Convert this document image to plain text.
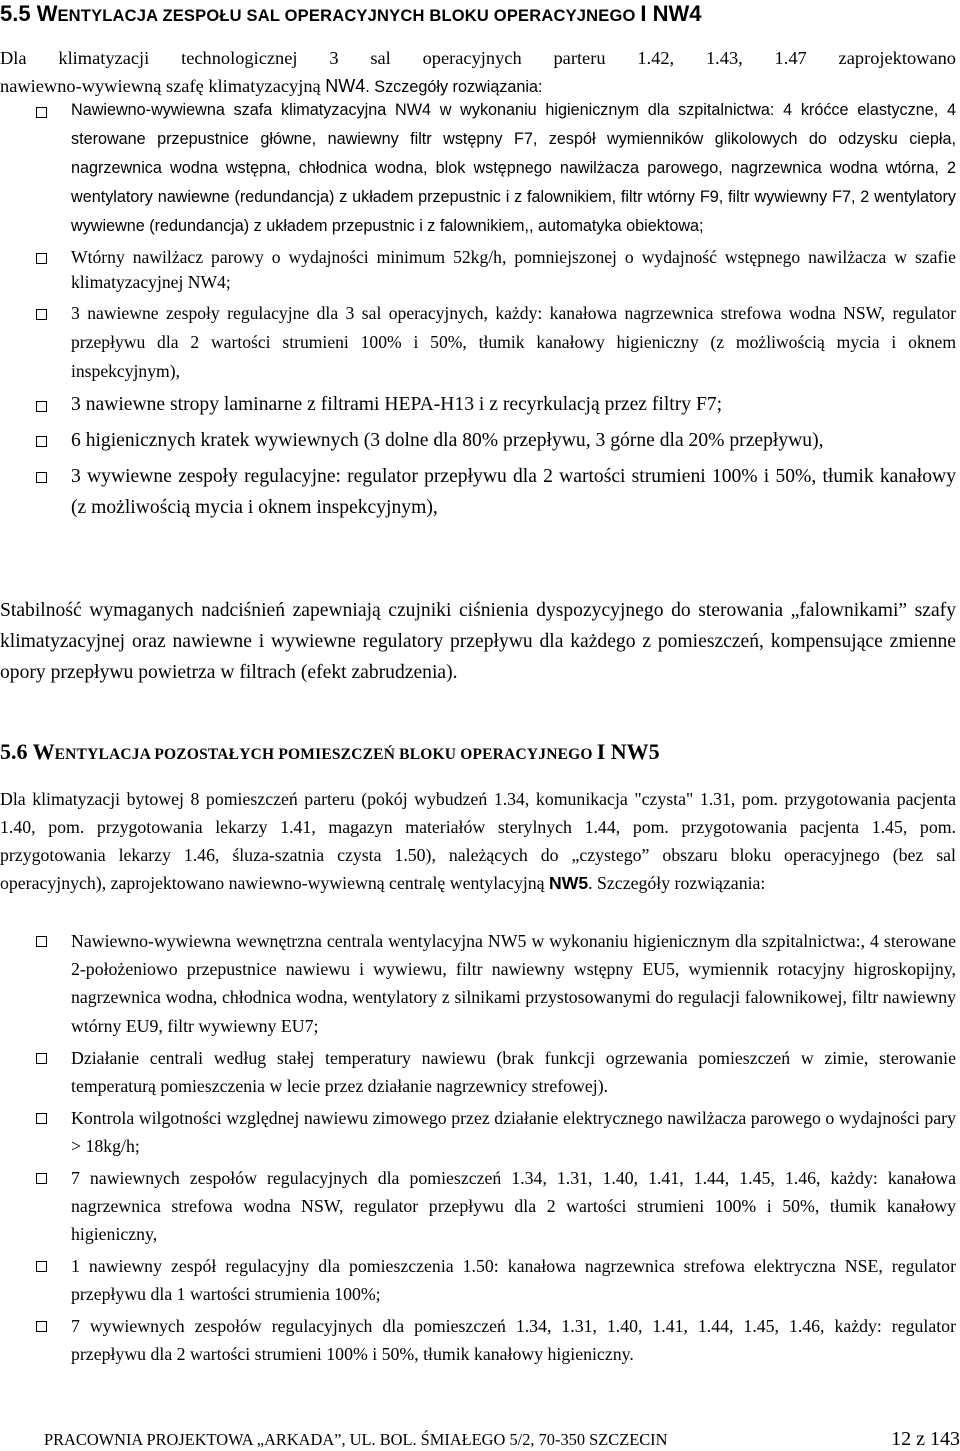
5.5 WENTYLACJA ZESPOŁU SAL OPERACYJNYCH BLOKU OPERACYJNEGO I NW4
Dla klimatyzacji technologicznej 3 sal operacyjnych parteru 1.42, 1.43, 1.47 zaprojektowano
nawiewno-wywiewną szafę klimatyzacyjną NW4. Szczegóły rozwiązania:
Nawiewno-wywiewna szafa klimatyzacyjna NW4 w wykonaniu higienicznym dla szpitalnictwa: 4 króćce elastyczne, 4 sterowane przepustnice główne, nawiewny filtr wstępny F7, zespół wymienników glikolowych do odzysku ciepła, nagrzewnica wodna wstępna, chłodnica wodna, blok wstępnego nawilżacza parowego, nagrzewnica wodna wtórna, 2 wentylatory nawiewne (redundancja) z układem przepustnic i z falownikiem, filtr wtórny F9, filtr wywiewny F7, 2 wentylatory wywiewne (redundancja) z układem przepustnic i z falownikiem,, automatyka obiektowa;
Wtórny nawilżacz parowy o wydajności minimum 52kg/h, pomniejszonej o wydajność wstępnego nawilżacza w szafie klimatyzacyjnej NW4;
3 nawiewne zespoły regulacyjne dla 3 sal operacyjnych, każdy: kanałowa nagrzewnica strefowa wodna NSW, regulator przepływu dla 2 wartości strumieni 100% i 50%, tłumik kanałowy higieniczny (z możliwością mycia i oknem inspekcyjnym),
3 nawiewne stropy laminarne z filtrami HEPA-H13 i z recyrkulacją przez filtry F7;
6 higienicznych kratek wywiewnych (3 dolne dla 80% przepływu, 3 górne dla 20% przepływu),
3 wywiewne zespoły regulacyjne: regulator przepływu dla 2 wartości strumieni 100% i 50%, tłumik kanałowy (z możliwością mycia i oknem inspekcyjnym),
Stabilność wymaganych nadciśnień zapewniają czujniki ciśnienia dyspozycyjnego do sterowania „falownikami” szafy klimatyzacyjnej oraz nawiewne i wywiewne regulatory przepływu dla każdego z pomieszczeń, kompensujące zmienne opory przepływu powietrza w filtrach (efekt zabrudzenia).
5.6 WENTYLACJA POZOSTAŁYCH POMIESZCZEŃ BLOKU OPERACYJNEGO I NW5
Dla klimatyzacji bytowej 8 pomieszczeń parteru (pokój wybudzeń 1.34, komunikacja "czysta" 1.31, pom. przygotowania pacjenta 1.40, pom. przygotowania lekarzy 1.41, magazyn materiałów sterylnych 1.44, pom. przygotowania pacjenta 1.45, pom. przygotowania lekarzy 1.46, śluza-szatnia czysta 1.50), należących do „czystego” obszaru bloku operacyjnego (bez sal operacyjnych), zaprojektowano nawiewno-wywiewną centralę wentylacyjną NW5. Szczegóły rozwiązania:
Nawiewno-wywiewna wewnętrzna centrala wentylacyjna NW5 w wykonaniu higienicznym dla szpitalnictwa:, 4 sterowane 2-położeniowo przepustnice nawiewu i wywiewu, filtr nawiewny wstępny EU5, wymiennik rotacyjny higroskopijny, nagrzewnica wodna, chłodnica wodna, wentylatory z silnikami przystosowanymi do regulacji falownikowej, filtr nawiewny wtórny EU9, filtr wywiewny EU7;
Działanie centrali według stałej temperatury nawiewu (brak funkcji ogrzewania pomieszczeń w zimie, sterowanie temperaturą pomieszczenia w lecie przez działanie nagrzewnicy strefowej).
Kontrola wilgotności względnej nawiewu zimowego przez działanie elektrycznego nawilżacza parowego o wydajności pary > 18kg/h;
7 nawiewnych zespołów regulacyjnych dla pomieszczeń 1.34, 1.31, 1.40, 1.41, 1.44, 1.45, 1.46, każdy: kanałowa nagrzewnica strefowa wodna NSW, regulator przepływu dla 2 wartości strumieni 100% i 50%, tłumik kanałowy higieniczny,
1 nawiewny zespół regulacyjny dla pomieszczenia 1.50: kanałowa nagrzewnica strefowa elektryczna NSE, regulator przepływu dla 1 wartości strumienia 100%;
7 wywiewnych zespołów regulacyjnych dla pomieszczeń 1.34, 1.31, 1.40, 1.41, 1.44, 1.45, 1.46, każdy: regulator przepływu dla 2 wartości strumieni 100% i 50%, tłumik kanałowy higieniczny.
PRACOWNIA PROJEKTOWA „ARKADA”, UL. BOL. ŚMIAŁEGO 5/2, 70-350 SZCZECIN	12 z 143
